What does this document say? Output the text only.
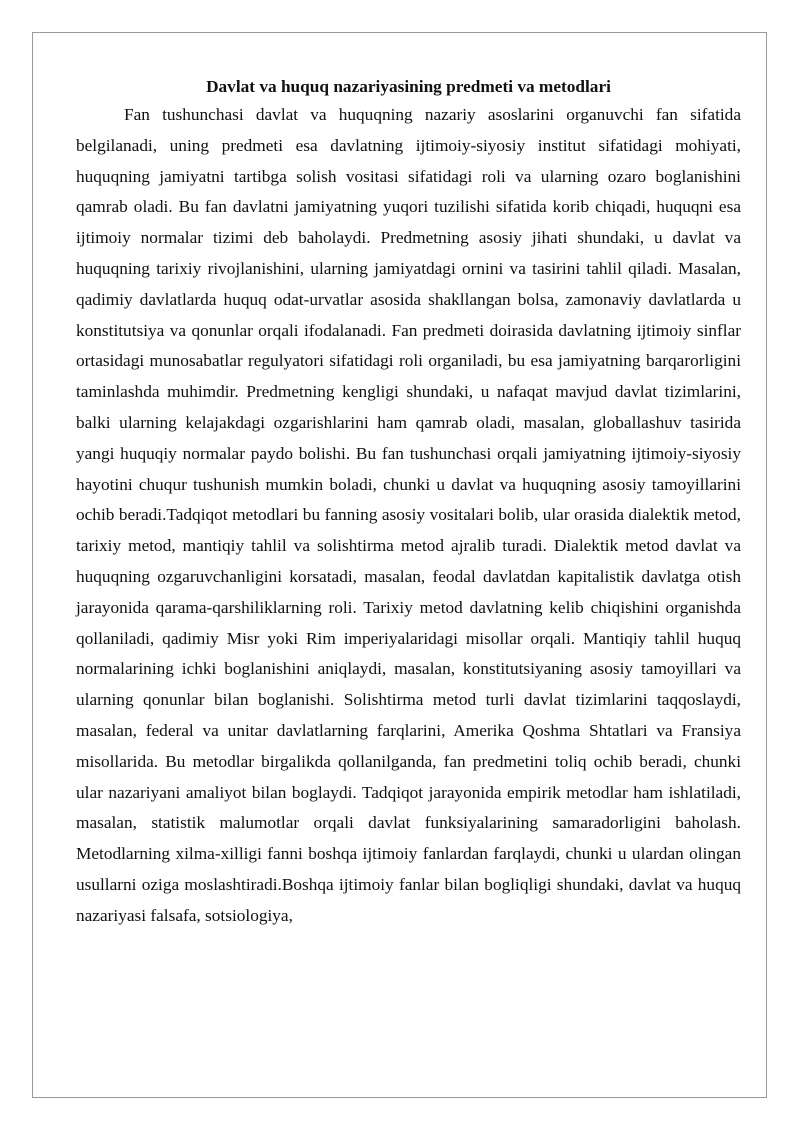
Davlat va huquq nazariyasining predmeti va metodlari

Fan tushunchasi davlat va huquqning nazariy asoslarini organuvchi fan sifatida belgilanadi, uning predmeti esa davlatning ijtimoiy-siyosiy institut sifatidagi mohiyati, huquqning jamiyatni tartibga solish vositasi sifatidagi roli va ularning ozaro boglanishini qamrab oladi. Bu fan davlatni jamiyatning yuqori tuzilishi sifatida korib chiqadi, huquqni esa ijtimoiy normalar tizimi deb baholaydi. Predmetning asosiy jihati shundaki, u davlat va huquqning tarixiy rivojlanishini, ularning jamiyatdagi ornini va tasirini tahlil qiladi. Masalan, qadimiy davlatlarda huquq odat-urvatlar asosida shakllangan bolsa, zamonaviy davlatlarda u konstitutsiya va qonunlar orqali ifodalanadi. Fan predmeti doirasida davlatning ijtimoiy sinflar ortasidagi munosabatlar regulyatori sifatidagi roli organiladi, bu esa jamiyatning barqarorligini taminlashda muhimdir. Predmetning kengligi shundaki, u nafaqat mavjud davlat tizimlarini, balki ularning kelajakdagi ozgarishlarini ham qamrab oladi, masalan, globallashuv tasirida yangi huquqiy normalar paydo bolishi. Bu fan tushunchasi orqali jamiyatning ijtimoiy-siyosiy hayotini chuqur tushunish mumkin boladi, chunki u davlat va huquqning asosiy tamoyillarini ochib beradi.Tadqiqot metodlari bu fanning asosiy vositalari bolib, ular orasida dialektik metod, tarixiy metod, mantiqiy tahlil va solishtirma metod ajralib turadi. Dialektik metod davlat va huquqning ozgaruvchanligini korsatadi, masalan, feodal davlatdan kapitalistik davlatga otish jarayonida qarama-qarshiliklarning roli. Tarixiy metod davlatning kelib chiqishini organishda qollaniladi, qadimiy Misr yoki Rim imperiyalaridagi misollar orqali. Mantiqiy tahlil huquq normalarining ichki boglanishini aniqlaydi, masalan, konstitutsiyaning asosiy tamoyillari va ularning qonunlar bilan boglanishi. Solishtirma metod turli davlat tizimlarini taqqoslaydi, masalan, federal va unitar davlatlarning farqlarini, Amerika Qoshma Shtatlari va Fransiya misollarida. Bu metodlar birgalikda qollanilganda, fan predmetini toliq ochib beradi, chunki ular nazariyani amaliyot bilan boglaydi. Tadqiqot jarayonida empirik metodlar ham ishlatiladi, masalan, statistik malumotlar orqali davlat funksiyalarining samaradorligini baholash. Metodlarning xilma-xilligi fanni boshqa ijtimoiy fanlardan farqlaydi, chunki u ulardan olingan usullarni oziga moslashtiradi.Boshqa ijtimoiy fanlar bilan bogliqligi shundaki, davlat va huquq nazariyasi falsafa, sotsiologiya,
